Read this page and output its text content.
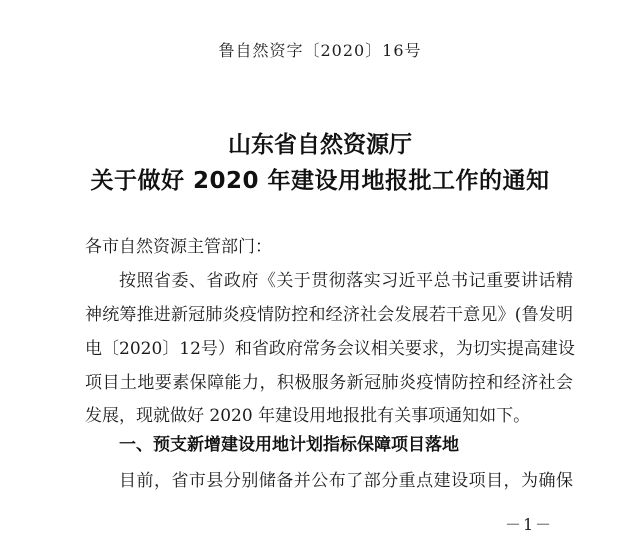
鲁自然资字〔2020〕16号
山东省自然资源厅
关于做好 2020 年建设用地报批工作的通知
各市自然资源主管部门：
按照省委、省政府《关于贯彻落实习近平总书记重要讲话精
神统筹推进新冠肺炎疫情防控和经济社会发展若干意见》(鲁发明
电〔2020〕12号）和省政府常务会议相关要求，为切实提高建设
项目土地要素保障能力，积极服务新冠肺炎疫情防控和经济社会
发展，现就做好 2020 年建设用地报批有关事项通知如下。
一、预支新增建设用地计划指标保障项目落地
目前，省市县分别储备并公布了部分重点建设项目，为确保
－1－
